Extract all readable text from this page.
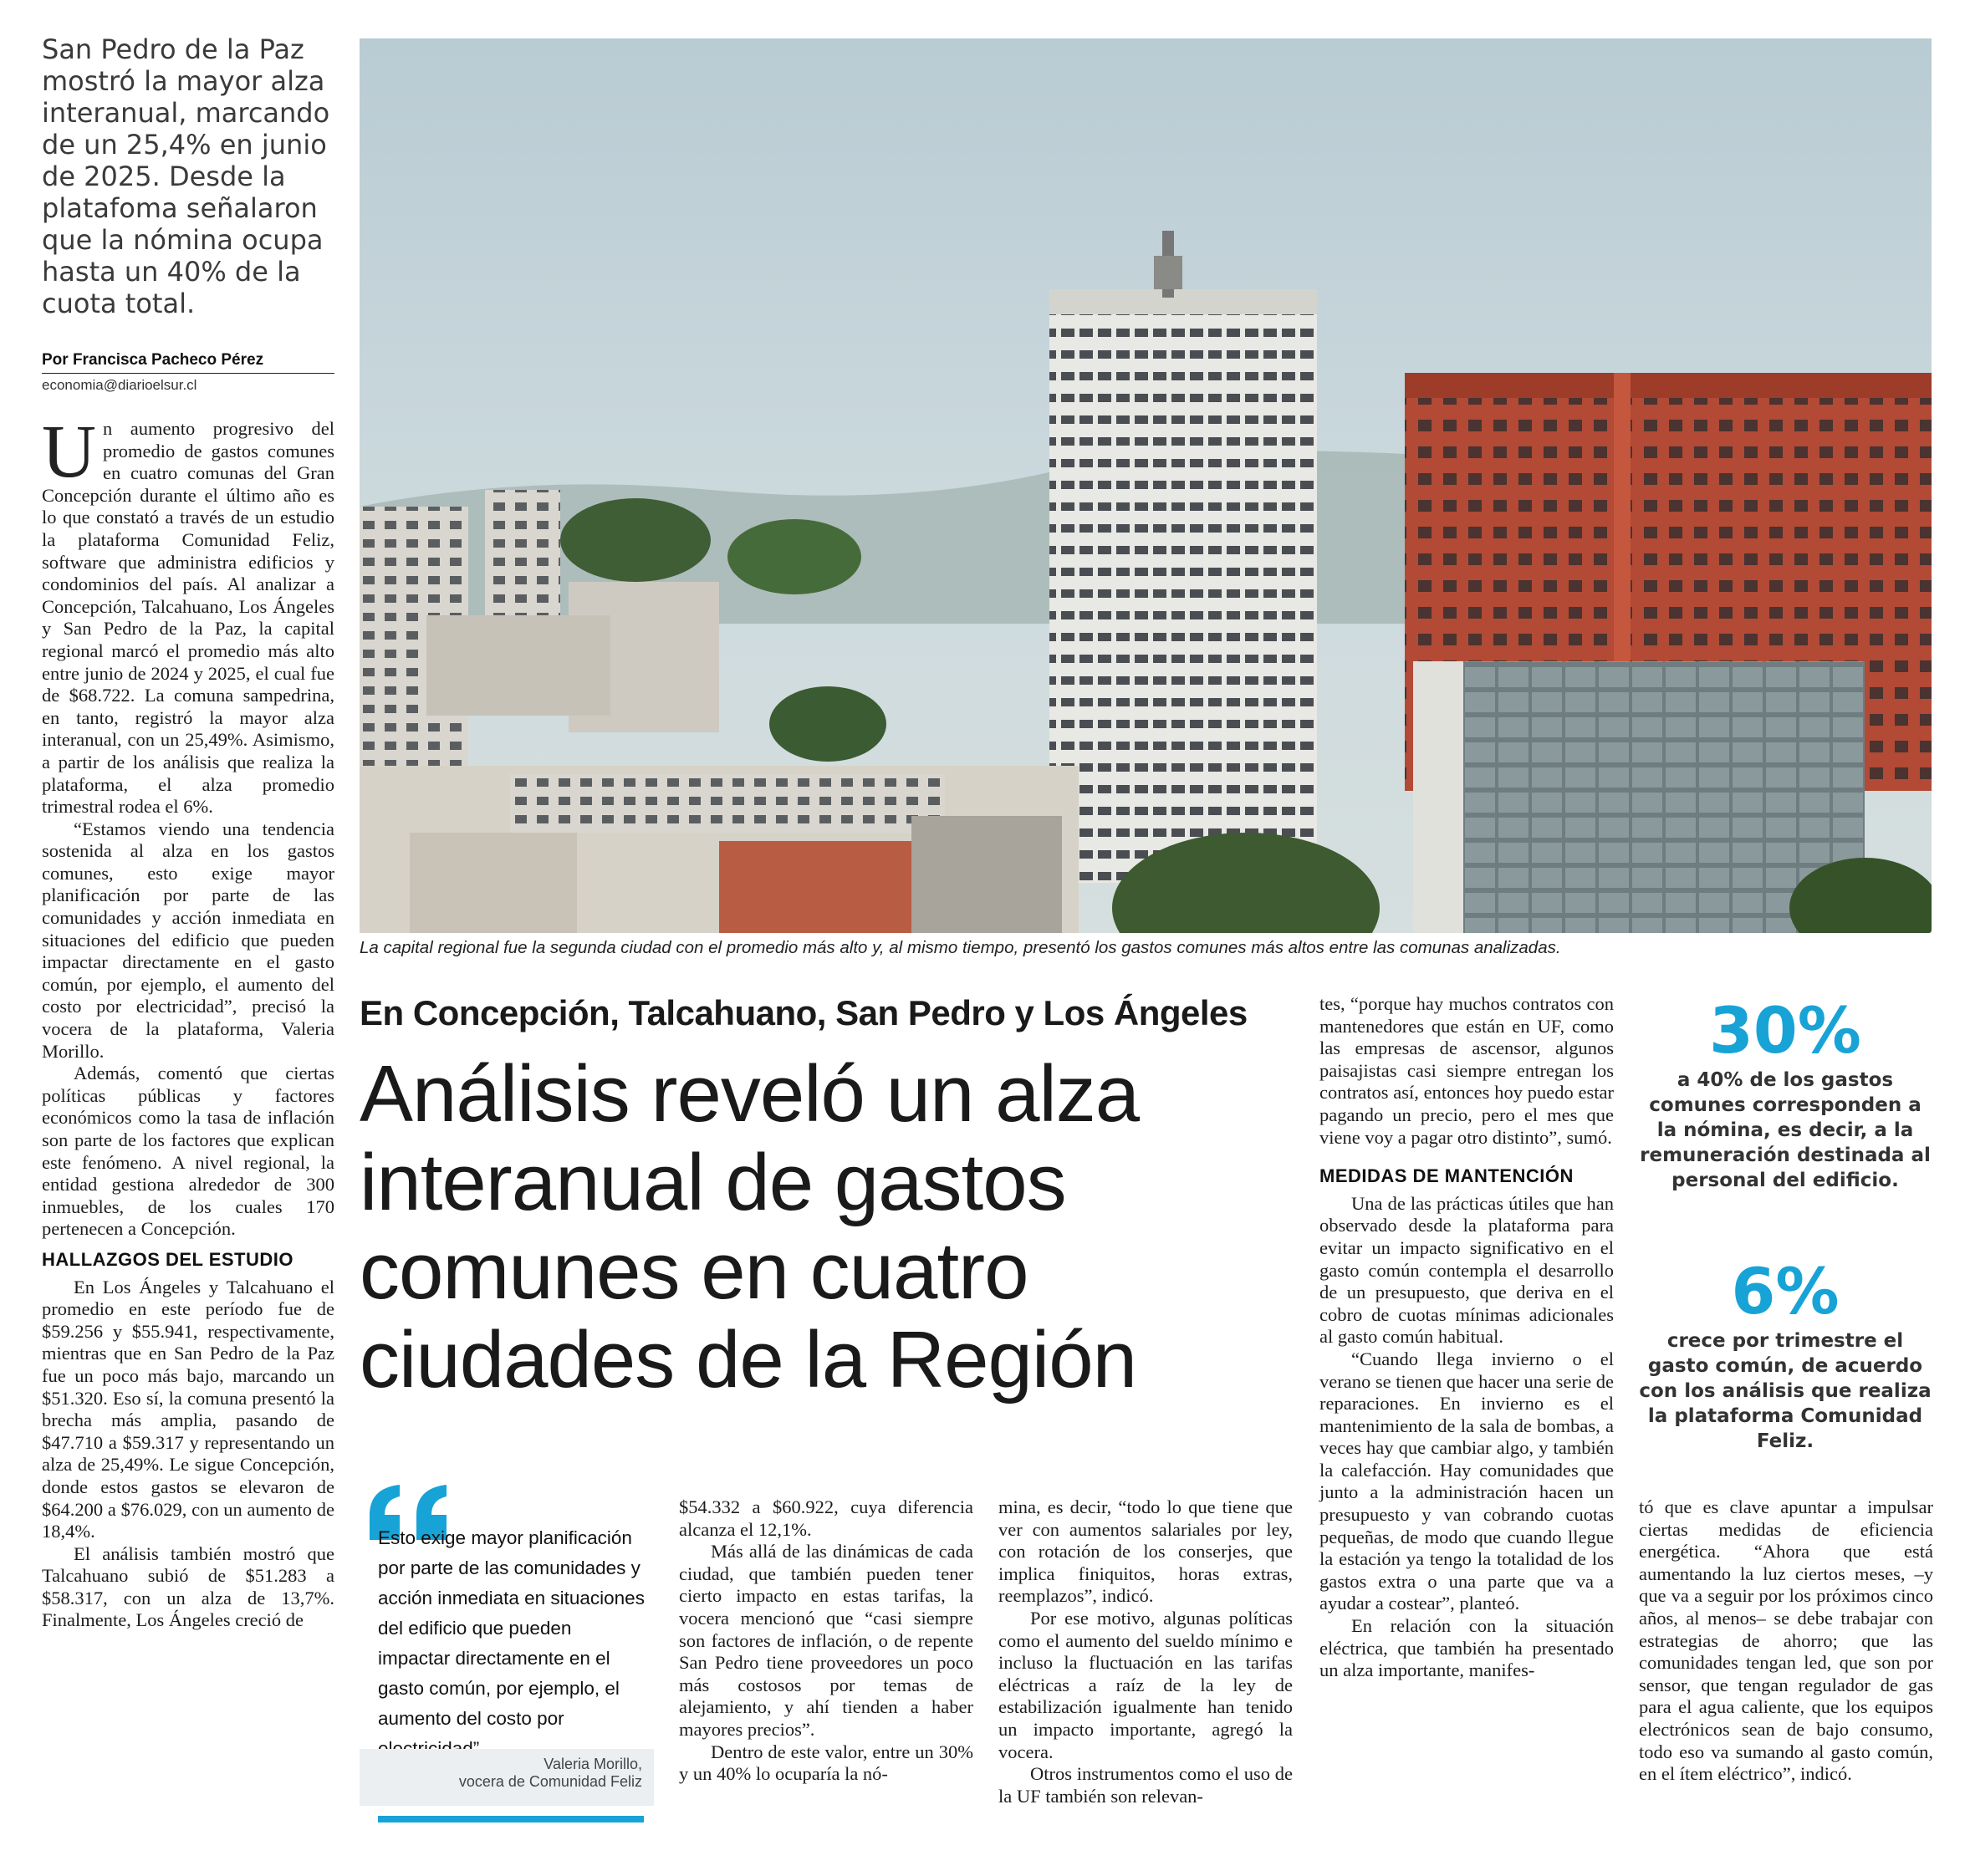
San Pedro de la Paz mostró la mayor alza interanual, marcando de un 25,4% en junio de 2025. Desde la platafoma señalaron que la nómina ocupa hasta un 40% de la cuota total.
Por Francisca Pacheco Pérez
economia@diarioelsur.cl

Un aumento progresivo del promedio de gastos comunes en cuatro comunas del Gran Concepción durante el último año es lo que constató a través de un estudio la plataforma Comunidad Feliz, software que administra edificios y condominios del país. Al analizar a Concepción, Talcahuano, Los Ángeles y San Pedro de la Paz, la capital regional marcó el promedio más alto entre junio de 2024 y 2025, el cual fue de $68.722. La comuna sampedrina, en tanto, registró la mayor alza interanual, con un 25,49%. Asimismo, a partir de los análisis que realiza la plataforma, el alza promedio trimestral rodea el 6%.

“Estamos viendo una tendencia sostenida al alza en los gastos comunes, esto exige mayor planificación por parte de las comunidades y acción inmediata en situaciones del edificio que pueden impactar directamente en el gasto común, por ejemplo, el aumento del costo por electricidad”, precisó la vocera de la plataforma, Valeria Morillo.

Además, comentó que ciertas políticas públicas y factores económicos como la tasa de inflación son parte de los factores que explican este fenómeno. A nivel regional, la entidad gestiona alrededor de 300 inmuebles, de los cuales 170 pertenecen a Concepción.

HALLAZGOS DEL ESTUDIO

En Los Ángeles y Talcahuano el promedio en este período fue de $59.256 y $55.941, respectivamente, mientras que en San Pedro de la Paz fue un poco más bajo, marcando un $51.320. Eso sí, la comuna presentó la brecha más amplia, pasando de $47.710 a $59.317 y representando un alza de 25,49%. Le sigue Concepción, donde estos gastos se elevaron de $64.200 a $76.029, con un aumento de 18,4%.

El análisis también mostró que Talcahuano subió de $51.283 a $58.317, con un alza de 13,7%. Finalmente, Los Ángeles creció de

La capital regional fue la segunda ciudad con el promedio más alto y, al mismo tiempo, presentó los gastos comunes más altos entre las comunas analizadas.
En Concepción, Talcahuano, San Pedro y Los Ángeles
Análisis reveló un alza
interanual de gastos
comunes en cuatro
ciudades de la Región
Esto exige mayor planificación por parte de las comunidades y acción inmediata en situaciones del edificio que pueden impactar directamente en el gasto común, por ejemplo, el aumento del costo por
Valeria Morillo,
vocera de Comunidad Feliz

$54.332 a $60.922, cuya diferencia alcanza el 12,1%.

Más allá de las dinámicas de cada ciudad, que también pueden tener cierto impacto en estas tarifas, la vocera mencionó que “casi siempre son factores de inflación, o de repente San Pedro tiene proveedores un poco más costosos por temas de alejamiento, y ahí tienden a haber mayores precios”.

Dentro de este valor, entre un 30% y un 40% lo ocuparía la nó-

mina, es decir, “todo lo que tiene que ver con aumentos salariales por ley, con rotación de los conserjes, que implica finiquitos, horas extras, reemplazos”, indicó.

Por ese motivo, algunas políticas como el aumento del sueldo mínimo e incluso la fluctuación en las tarifas eléctricas a raíz de la ley de estabilización igualmente han tenido un impacto importante, agregó la vocera.

Otros instrumentos como el uso de la UF también son relevan-

tes, “porque hay muchos contratos con mantenedores que están en UF, como las empresas de ascensor, algunos paisajistas casi siempre entregan los contratos así, entonces hoy puedo estar pagando un precio, pero el mes que viene voy a pagar otro distinto”, sumó.

MEDIDAS DE MANTENCIÓN

Una de las prácticas útiles que han observado desde la plataforma para evitar un impacto significativo en el gasto común contempla el desarrollo de un presupuesto, que deriva en el cobro de cuotas mínimas adicionales al gasto común habitual.

“Cuando llega invierno o el verano se tienen que hacer una serie de reparaciones. En invierno es el mantenimiento de la sala de bombas, a veces hay que cambiar algo, y también la calefacción. Hay comunidades que junto a la administración hacen un presupuesto y van cobrando cuotas pequeñas, de modo que cuando llegue la estación ya tengo la totalidad de los gastos extra o una parte que va a ayudar a costear”, planteó.

En relación con la situación eléctrica, que también ha presentado un alza importante, manifes-

30%
a 40% de los gastos comunes corresponden a la nómina, es decir, a la remuneración destinada al personal del edificio.
6%
crece por trimestre el gasto común, de acuerdo con los análisis que realiza la plataforma Comunidad Feliz.

tó que es clave apuntar a impulsar ciertas medidas de eficiencia energética. “Ahora que está aumentando la luz ciertos meses, –y que va a seguir por los próximos cinco años, al menos– se debe trabajar con estrategias de ahorro; que las comunidades tengan led, que son por sensor, que tengan regulador de gas para el agua caliente, que los equipos electrónicos sean de bajo consumo, todo eso va sumando al gasto común, en el ítem eléctrico”, indicó.
